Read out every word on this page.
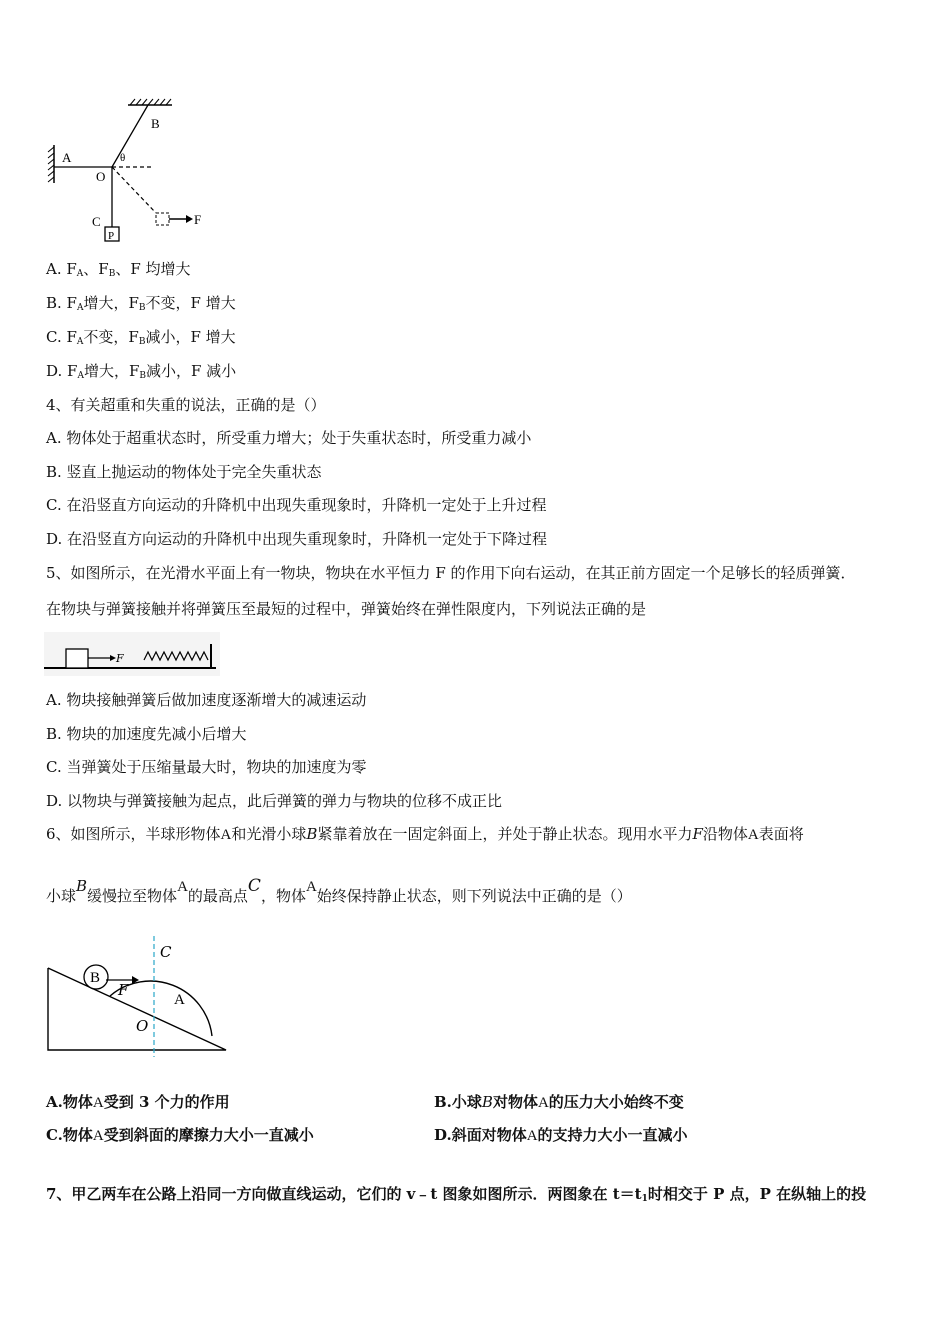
A
B
O
θ
C
P
F
A. $F_A$、$F_B$、F 均增大
B. $F_A$增大，$F_B$不变，F 增大
C. $F_A$不变，$F_B$减小，F 增大
D. $F_A$增大，$F_B$减小，F 减小
4、有关超重和失重的说法，正确的是（）
A. 物体处于超重状态时，所受重力增大；处于失重状态时，所受重力减小
B. 竖直上抛运动的物体处于完全失重状态
C. 在沿竖直方向运动的升降机中出现失重现象时，升降机一定处于上升过程
D. 在沿竖直方向运动的升降机中出现失重现象时，升降机一定处于下降过程
5、如图所示，在光滑水平面上有一物块，物块在水平恒力 F 的作用下向右运动，在其正前方固定一个足够长的轻质弹簧．
在物块与弹簧接触并将弹簧压至最短的过程中，弹簧始终在弹性限度内，下列说法正确的是
F
A. 物块接触弹簧后做加速度逐渐增大的减速运动
B. 物块的加速度先减小后增大
C. 当弹簧处于压缩量最大时，物块的加速度为零
D. 以物块与弹簧接触为起点，此后弹簧的弹力与物块的位移不成正比
6、如图所示，半球形物体A和光滑小球B紧靠着放在一固定斜面上，并处于静止状态。现用水平力F沿物体A表面将
小球B缓慢拉至物体A的最高点C，物体A始终保持静止状态，则下列说法中正确的是（）
B
F
C
A
O
A.物体A受到 3 个力的作用	B.小球B对物体A的压力大小始终不变
C.物体A受到斜面的摩擦力大小一直减小	D.斜面对物体A的支持力大小一直减小
7、甲乙两车在公路上沿同一方向做直线运动，它们的 v﹣t 图象如图所示．两图象在 $t=t_1$时相交于 P 点，P 在纵轴上的投
